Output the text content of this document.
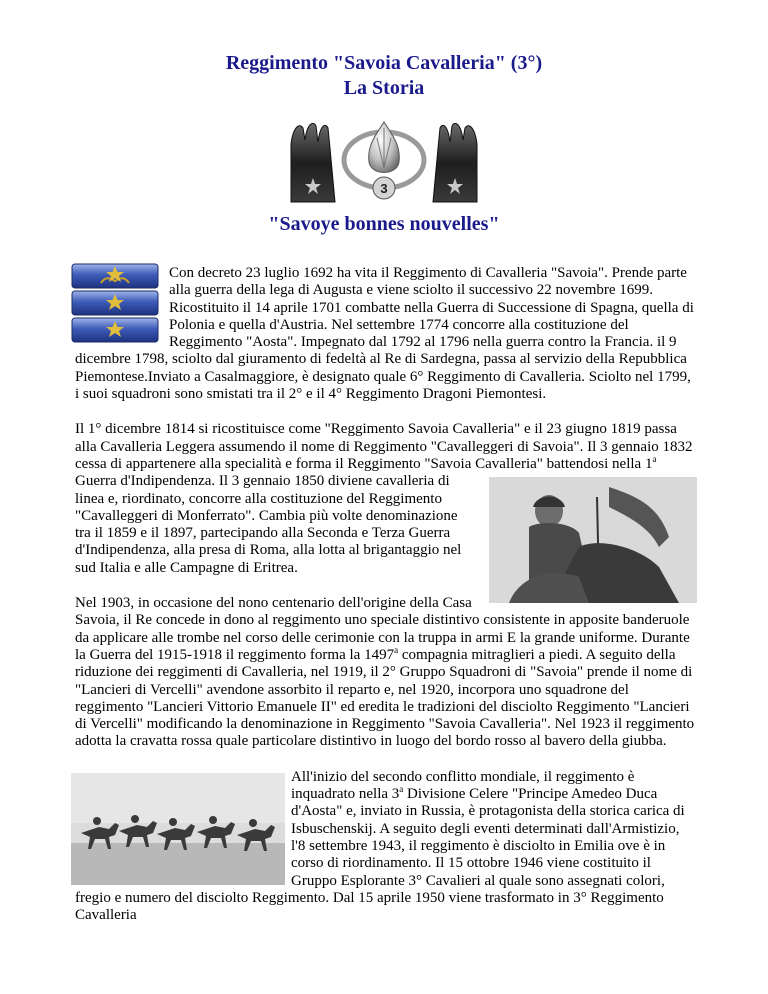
Reggimento "Savoia Cavalleria" (3°)
La Storia
3
"Savoye bonnes nouvelles"

Con decreto 23 luglio 1692 ha vita il Reggimento di Cavalleria "Savoia". Prende parte alla guerra della lega di Augusta e viene sciolto il successivo 22 novembre 1699. Ricostituito il 14 aprile 1701 combatte nella Guerra di Successione di Spagna, quella di Polonia e quella d'Austria. Nel settembre 1774 concorre alla costituzione del Reggimento "Aosta". Impegnato dal 1792 al 1796 nella guerra contro la Francia. il 9 dicembre 1798, sciolto dal giuramento di fedeltà al Re di Sardegna, passa al servizio della Repubblica Piemontese.Inviato a Casalmaggiore, è designato quale 6° Reggimento di Cavalleria. Sciolto nel 1799, i suoi squadroni sono smistati tra il 2° e il 4° Reggimento Dragoni Piemontesi.

Il 1° dicembre 1814 si ricostituisce come "Reggimento Savoia Cavalleria" e il 23 giugno 1819 passa alla Cavalleria Leggera assumendo il nome di Reggimento "Cavalleggeri di Savoia". Il 3 gennaio 1832 cessa di appartenere alla specialità e forma il Reggimento "Savoia Cavalleria" battendosi nella 1$^a$
Guerra d'Indipendenza. Il 3 gennaio 1850 diviene cavalleria di linea e, riordinato, concorre alla costituzione del Reggimento "Cavalleggeri di Monferrato". Cambia più volte denominazione tra il 1859 e il 1897, partecipando alla Seconda e Terza Guerra d'Indipendenza, alla presa di Roma, alla lotta al brigantaggio nel sud Italia e alle Campagne di Eritrea.

Nel 1903, in occasione del nono centenario dell'origine della Casa Savoia, il Re concede in dono al reggimento uno speciale distintivo consistente in apposite banderuole da applicare alle trombe nel corso delle cerimonie con la truppa in armi E la grande uniforme. Durante la Guerra del 1915-1918 il reggimento forma la 1497$^a$ compagnia mitraglieri a piedi. A seguito della riduzione dei reggimenti di Cavalleria, nel 1919, il 2° Gruppo Squadroni di "Savoia" prende il nome di "Lancieri di Vercelli" avendone assorbito il reparto e, nel 1920, incorpora uno squadrone del reggimento "Lancieri Vittorio Emanuele II" ed eredita le tradizioni del disciolto Reggimento "Lancieri di Vercelli" modificando la denominazione in Reggimento "Savoia Cavalleria". Nel 1923 il reggimento adotta la cravatta rossa quale particolare distintivo in luogo del bordo rosso al bavero della giubba.

All'inizio del secondo conflitto mondiale, il reggimento è inquadrato nella 3$^a$ Divisione Celere "Principe Amedeo Duca d'Aosta" e, inviato in Russia, è protagonista della storica carica di Isbuschenskij. A seguito degli eventi determinati dall'Armistizio, l'8 settembre 1943, il reggimento è disciolto in Emilia ove è in corso di riordinamento. Il 15 ottobre 1946 viene costituito il Gruppo Esplorante 3° Cavalieri al quale sono assegnati colori, fregio e numero del disciolto Reggimento. Dal 15 aprile 1950 viene trasformato in 3° Reggimento Cavalleria
